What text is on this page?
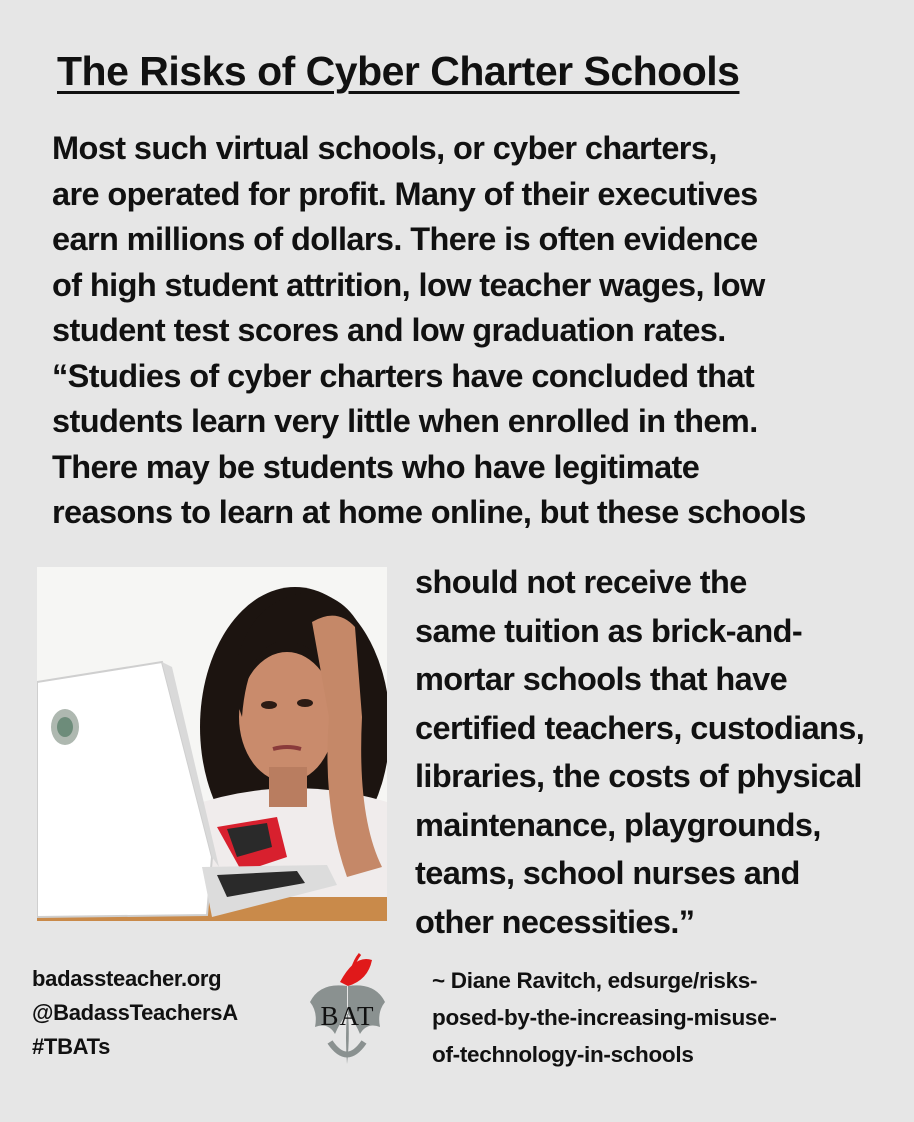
The Risks of Cyber Charter Schools
Most such virtual schools, or cyber charters,
are operated for profit. Many of their executives
earn millions of dollars. There is often evidence
of high student attrition, low teacher wages, low
student test scores and low graduation rates.
“Studies of cyber charters have concluded that
students learn very little when enrolled in them.
There may be students who have legitimate
reasons to learn at home online, but these schools
should not receive the
same tuition as brick-and-
mortar schools that have
certified teachers, custodians,
libraries, the costs of physical
maintenance, playgrounds,
teams, school nurses and
other necessities.”
badassteacher.org
@BadassTeachersA
#TBATs
BAT
~ Diane Ravitch, edsurge/risks-
posed-by-the-increasing-misuse-
of-technology-in-schools
